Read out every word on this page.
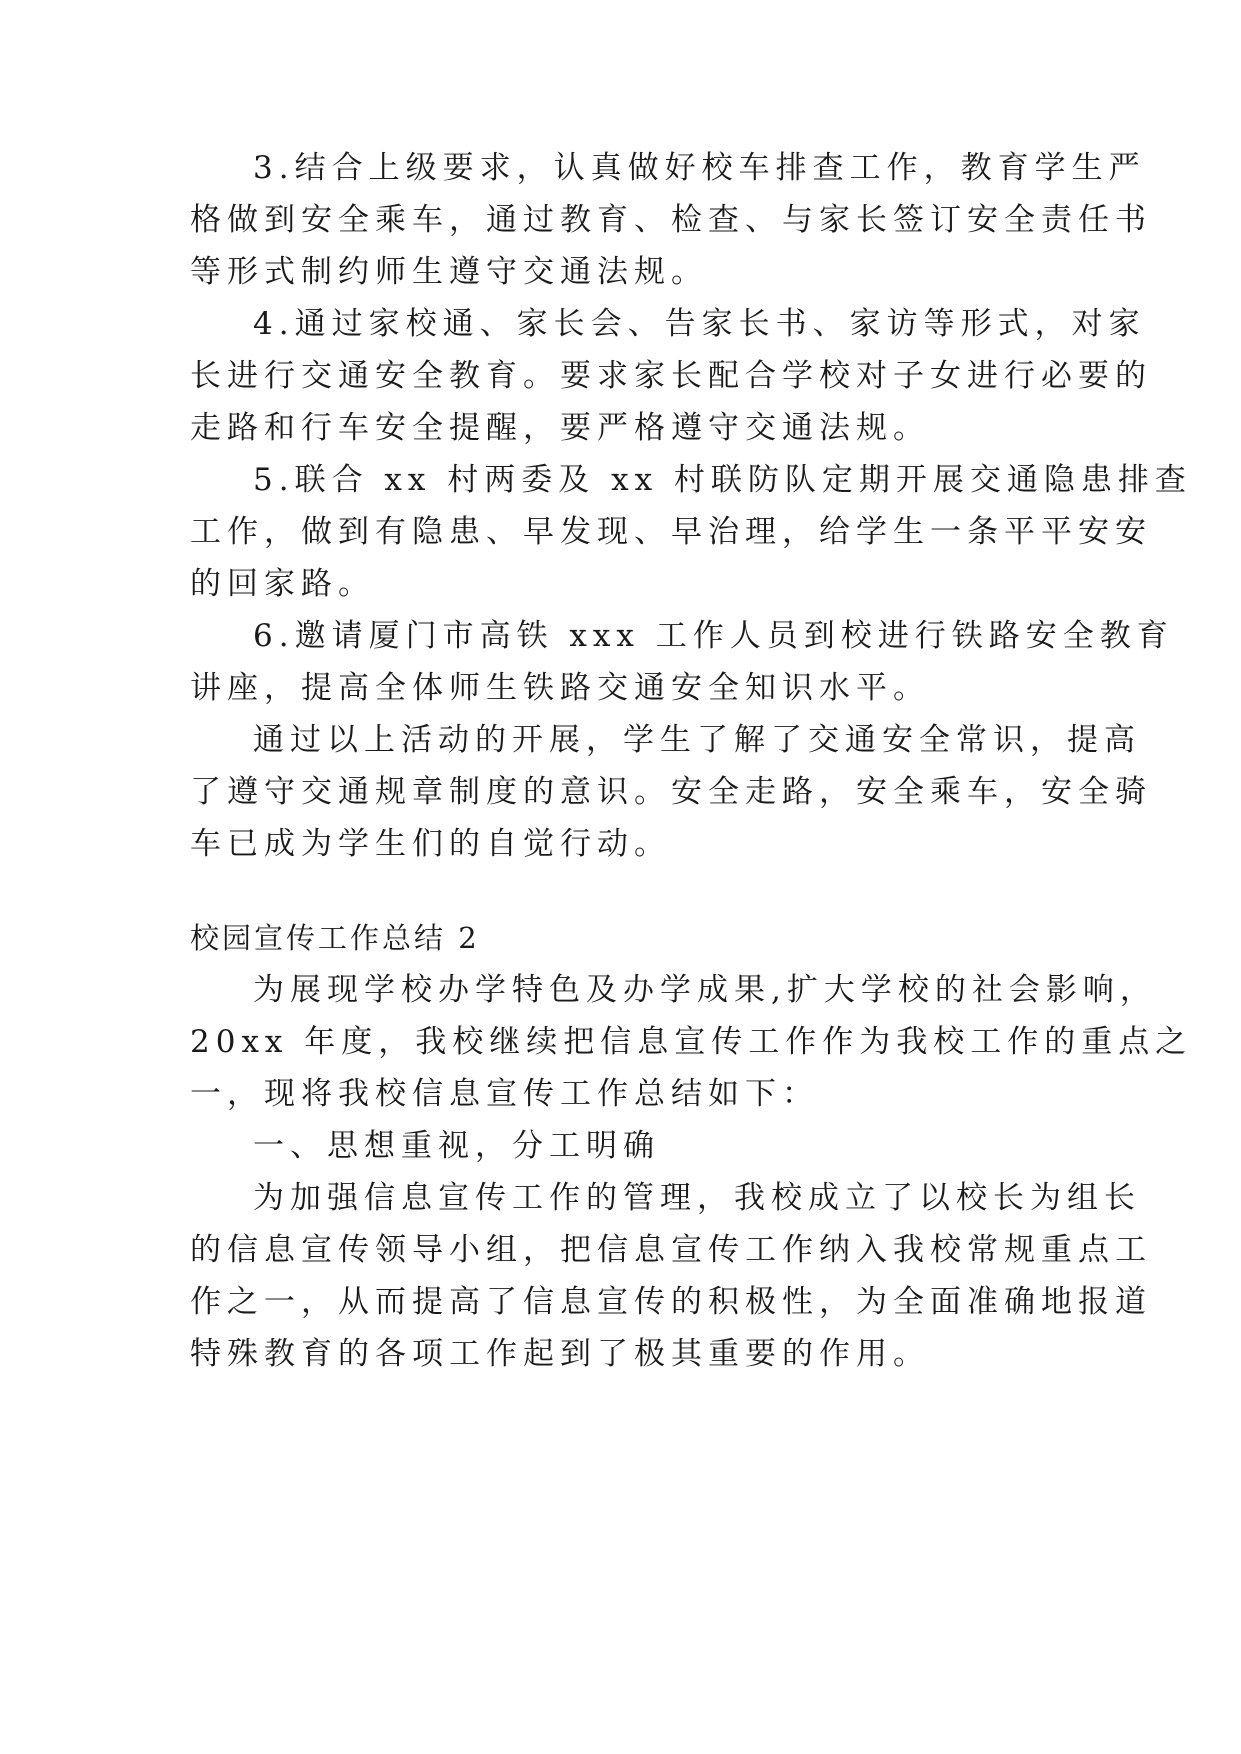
3.结合上级要求，认真做好校车排查工作，教育学生严
格做到安全乘车，通过教育、检查、与家长签订安全责任书
等形式制约师生遵守交通法规。
4.通过家校通、家长会、告家长书、家访等形式，对家
长进行交通安全教育。要求家长配合学校对子女进行必要的
走路和行车安全提醒，要严格遵守交通法规。
5.联合 xx 村两委及 xx 村联防队定期开展交通隐患排查
工作，做到有隐患、早发现、早治理，给学生一条平平安安
的回家路。
6.邀请厦门市高铁 xxx 工作人员到校进行铁路安全教育
讲座，提高全体师生铁路交通安全知识水平。
通过以上活动的开展，学生了解了交通安全常识，提高
了遵守交通规章制度的意识。安全走路，安全乘车，安全骑
车已成为学生们的自觉行动。
校园宣传工作总结 2
为展现学校办学特色及办学成果,扩大学校的社会影响，
20xx 年度，我校继续把信息宣传工作作为我校工作的重点之
一，现将我校信息宣传工作总结如下：
一、思想重视，分工明确
为加强信息宣传工作的管理，我校成立了以校长为组长
的信息宣传领导小组，把信息宣传工作纳入我校常规重点工
作之一，从而提高了信息宣传的积极性，为全面准确地报道
特殊教育的各项工作起到了极其重要的作用。
